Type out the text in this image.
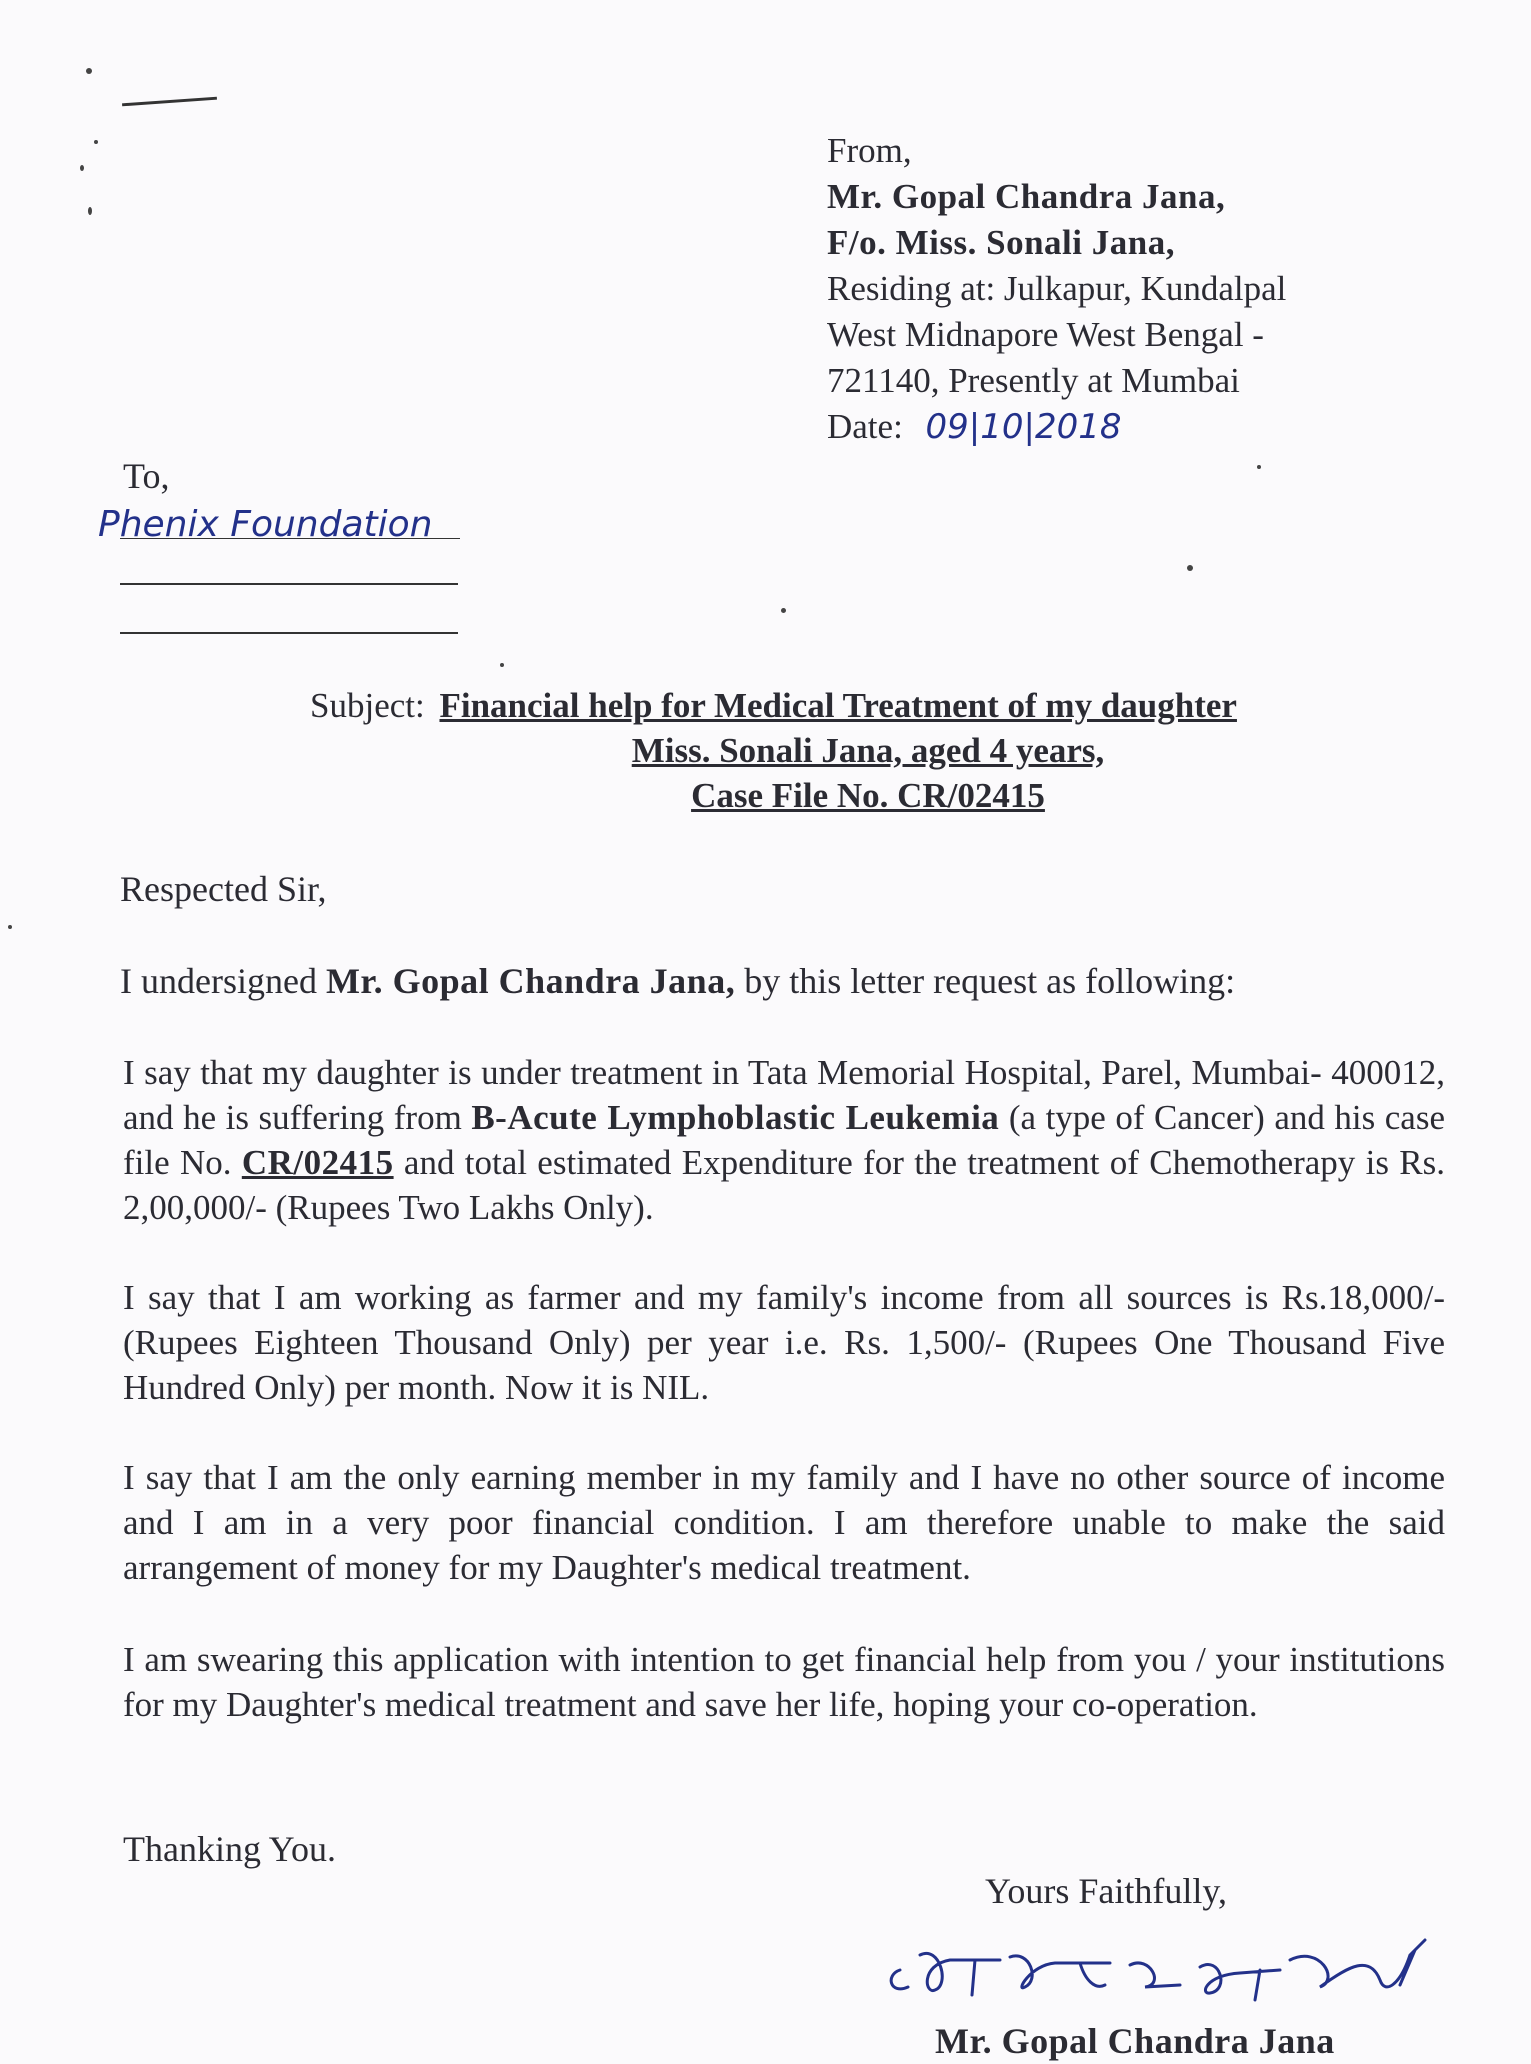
From,
Mr. Gopal Chandra Jana,
F/o. Miss. Sonali Jana,
Residing at: Julkapur, Kundalpal
West Midnapore West Bengal -
721140, Presently at Mumbai
Date: 09|10|2018
To,
Phenix Foundation
Subject: Financial help for Medical Treatment of my daughter
Miss. Sonali Jana, aged 4 years,
Case File No. CR/02415
Respected Sir,
I undersigned Mr. Gopal Chandra Jana, by this letter request as following:
I say that my daughter is under treatment in Tata Memorial Hospital, Parel, Mumbai- 400012, and he is suffering from B-Acute Lymphoblastic Leukemia (a type of Cancer) and his case file No. CR/02415 and total estimated Expenditure for the treatment of Chemotherapy is Rs. 2,00,000/- (Rupees Two Lakhs Only).
I say that I am working as farmer and my family's income from all sources is Rs.18,000/- (Rupees Eighteen Thousand Only) per year i.e. Rs. 1,500/- (Rupees One Thousand Five Hundred Only) per month. Now it is NIL.
I say that I am the only earning member in my family and I have no other source of income and I am in a very poor financial condition. I am therefore unable to make the said arrangement of money for my Daughter's medical treatment.
I am swearing this application with intention to get financial help from you / your institutions for my Daughter's medical treatment and save her life, hoping your co-operation.
Thanking You.
Yours Faithfully,
Mr. Gopal Chandra Jana
